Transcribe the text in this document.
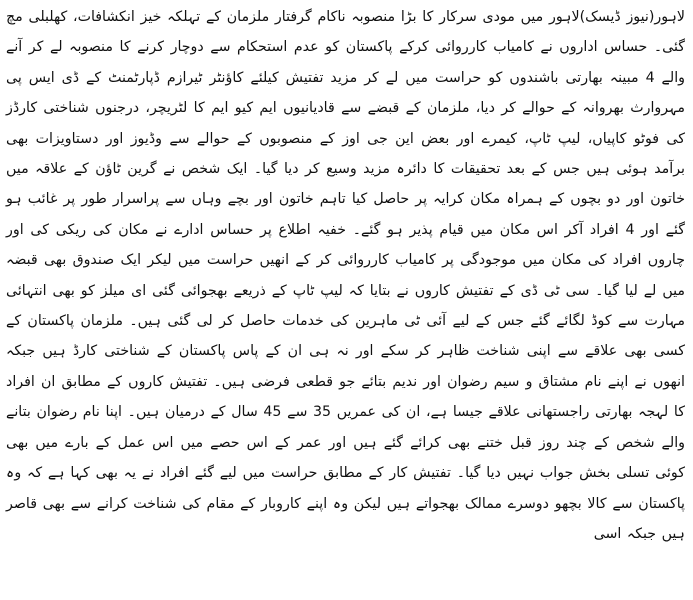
لاہور(نیوز ڈیسک)لاہور میں مودی سرکار کا بڑا منصوبہ ناکام گرفتار ملزمان کے تہلکہ خیز انکشافات، کھلبلی مچ گئی۔ حساس اداروں نے کامیاب کارروائی کرکے پاکستان کو عدم استحکام سے دوچار کرنے کا منصوبہ لے کر آنے والے 4 مبینہ بھارتی باشندوں کو حراست میں لے کر مزید تفتیش کیلئے کاؤنٹر ٹیرازم ڈپارٹمنٹ کے ڈی ایس پی مہروارث بھروانہ کے حوالے کر دیا، ملزمان کے قبضے سے قادیانیوں ایم کیو ایم کا لٹریچر، درجنوں شناختی کارڈز کی فوٹو کاپیاں، لیپ ٹاپ، کیمرے اور بعض این جی اوز کے منصوبوں کے حوالے سے وڈیوز اور دستاویزات بھی برآمد ہوئی ہیں جس کے بعد تحقیقات کا دائرہ مزید وسیع کر دیا گیا۔ ایک شخص نے گرین ٹاؤن کے علاقہ میں خاتون اور دو بچوں کے ہمراہ مکان کرایہ پر حاصل کیا تاہم خاتون اور بچے وہاں سے پراسرار طور پر غائب ہو گئے اور 4 افراد آکر اس مکان میں قیام پذیر ہو گئے۔ خفیہ اطلاع پر حساس ادارے نے مکان کی ریکی کی اور چاروں افراد کی مکان میں موجودگی پر کامیاب کارروائی کر کے انھیں حراست میں لیکر ایک صندوق بھی قبضہ میں لے لیا گیا۔ سی ٹی ڈی کے تفتیش کاروں نے بتایا کہ لیپ ٹاپ کے ذریعے بھجوائی گئی ای میلز کو بھی انتہائی مہارت سے کوڈ لگائے گئے جس کے لیے آئی ٹی ماہرین کی خدمات حاصل کر لی گئی ہیں۔ ملزمان پاکستان کے کسی بھی علاقے سے اپنی شناخت ظاہر کر سکے اور نہ ہی ان کے پاس پاکستان کے شناختی کارڈ ہیں جبکہ انھوں نے اپنے نام مشتاق و سیم رضوان اور ندیم بتائے جو قطعی فرضی ہیں۔ تفتیش کاروں کے مطابق ان افراد کا لہجہ بھارتی راجستھانی علاقے جیسا ہے، ان کی عمریں 35 سے 45 سال کے درمیان ہیں۔ اپنا نام رضوان بتانے والے شخص کے چند روز قبل ختنے بھی کرائے گئے ہیں اور عمر کے اس حصے میں اس عمل کے بارے میں بھی کوئی تسلی بخش جواب نہیں دیا گیا۔ تفتیش کار کے مطابق حراست میں لیے گئے افراد نے یہ بھی کہا ہے کہ وہ پاکستان سے کالا بچھو دوسرے ممالک بھجواتے ہیں لیکن وہ اپنے کاروبار کے مقام کی شناخت کرانے سے بھی قاصر ہیں جبکہ اسی
